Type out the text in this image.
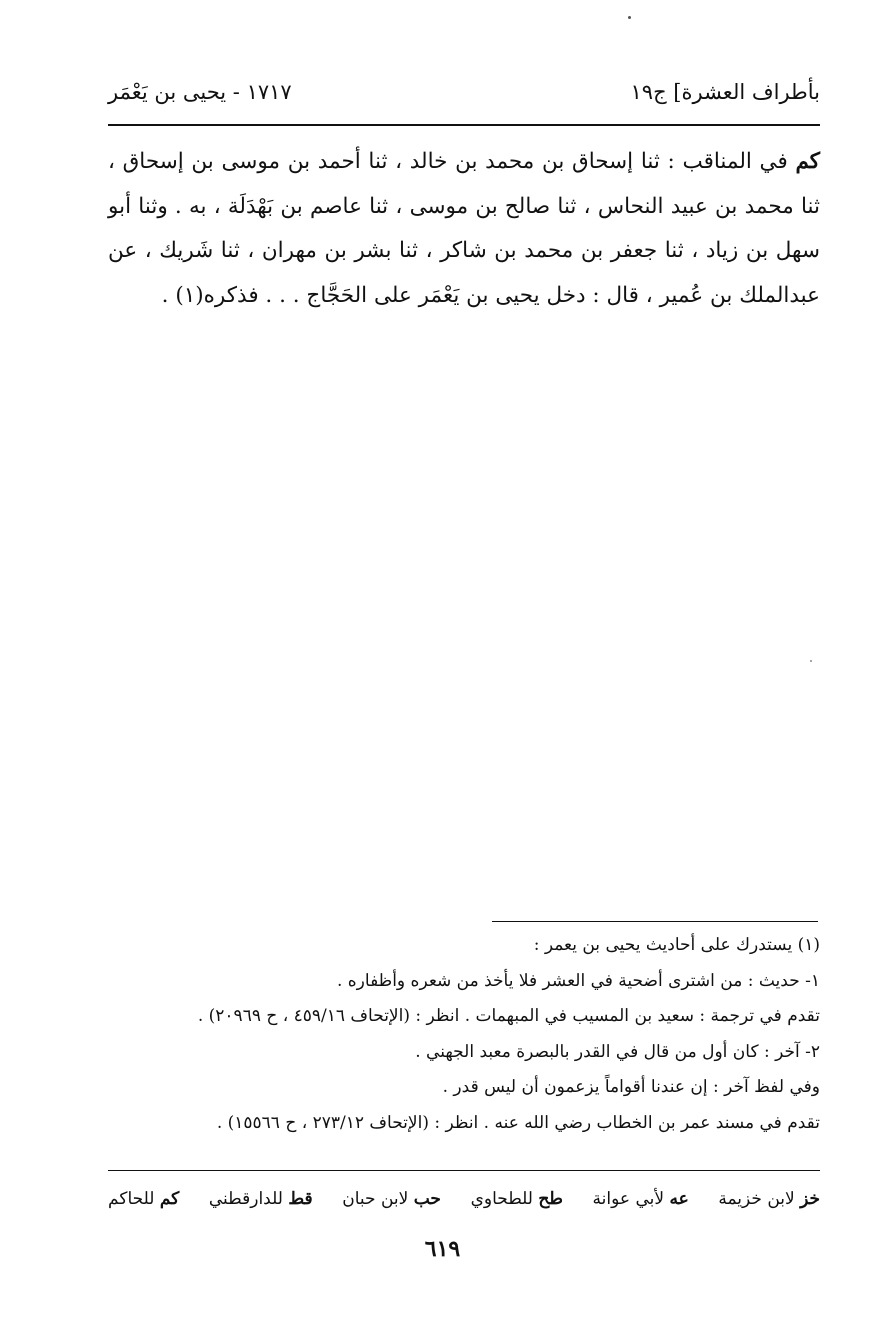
بأطراف العشرة] ج١٩
١٧١٧ - يحيى بن يَعْمَر

كم في المناقب : ثنا إسحاق بن محمد بن خالد ، ثنا أحمد بن موسى بن إسحاق ، ثنا محمد بن عبيد النحاس ، ثنا صالح بن موسى ، ثنا عاصم بن بَهْدَلَة ، به . وثنا أبو سهل بن زياد ، ثنا جعفر بن محمد بن شاكر ، ثنا بشر بن مهران ، ثنا شَريك ، عن عبدالملك بن عُمير ، قال : دخل يحيى بن يَعْمَر على الحَجَّاج . . . فذكره(١) .

(١) يستدرك على أحاديث يحيى بن يعمر :

١- حديث : من اشترى أضحية في العشر فلا يأخذ من شعره وأظفاره .

تقدم في ترجمة : سعيد بن المسيب في المبهمات . انظر : (الإتحاف ٤٥٩/١٦ ، ح ٢٠٩٦٩) .

٢- آخر : كان أول من قال في القدر بالبصرة معبد الجهني .

وفي لفظ آخر : إن عندنا أقواماً يزعمون أن ليس قدر .

تقدم في مسند عمر بن الخطاب رضي الله عنه . انظر : (الإتحاف ٢٧٣/١٢ ، ح ١٥٥٦٦) .

خز لابن خزيمة
عه لأبي عوانة
طح للطحاوي
حب لابن حبان
قط للدارقطني
كم للحاكم
٦١٩
